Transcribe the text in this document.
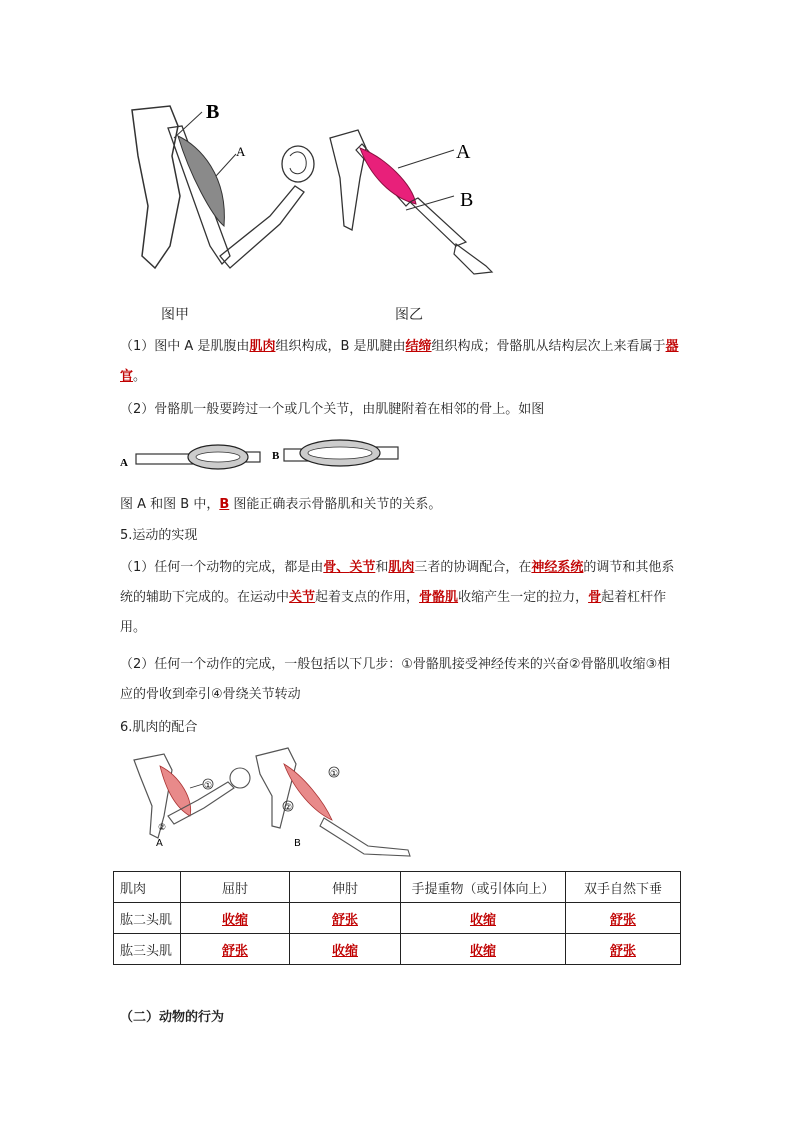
B
A	A
B
图甲	图乙
（1）图中 A 是肌腹由肌肉组织构成，B 是肌腱由结缔组织构成；骨骼肌从结构层次上来看属于器官。
（2）骨骼肌一般要跨过一个或几个关节，由肌腱附着在相邻的骨上。如图
A
B
图 A 和图 B 中，B 图能正确表示骨骼肌和关节的关系。
5.运动的实现
（1）任何一个动物的完成，都是由骨、关节和肌肉三者的协调配合，在神经系统的调节和其他系统的辅助下完成的。在运动中关节起着支点的作用，骨骼肌收缩产生一定的拉力，骨起着杠杆作用。
（2）任何一个动作的完成，一般包括以下几步：①骨骼肌接受神经传来的兴奋②骨骼肌收缩③相应的骨收到牵引④骨绕关节转动
6.肌肉的配合
①
②
A
①
②
B
肌肉	屈肘	伸肘	手提重物（或引体向上）	双手自然下垂
肱二头肌	收缩	舒张	收缩	舒张
肱三头肌	舒张	收缩	收缩	舒张
（二）动物的行为
